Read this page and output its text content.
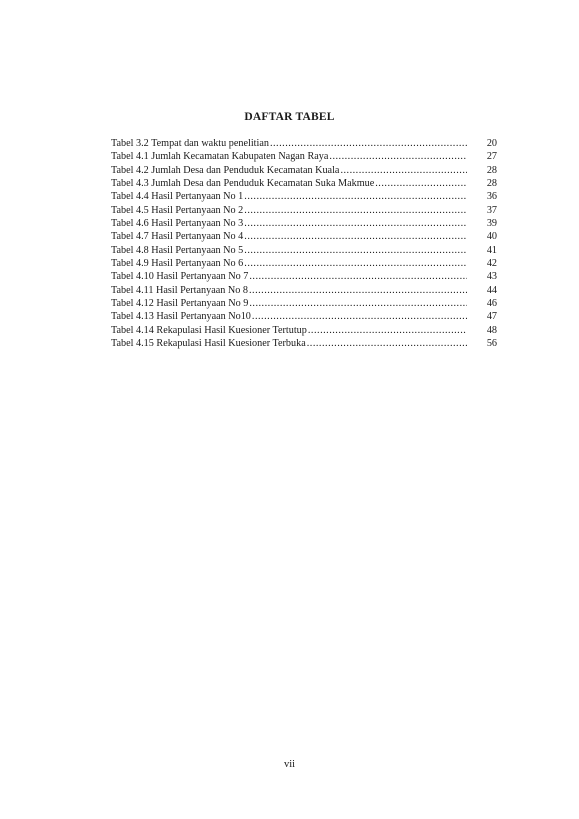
DAFTAR TABEL
Tabel 3.2 Tempat dan waktu penelitian .....	20
Tabel 4.1 Jumlah Kecamatan Kabupaten Nagan Raya .....	27
Tabel 4.2 Jumlah Desa dan Penduduk Kecamatan Kuala .....	28
Tabel 4.3 Jumlah Desa dan Penduduk Kecamatan Suka Makmue .....	28
Tabel 4.4 Hasil Pertanyaan No 1 .....	36
Tabel 4.5 Hasil Pertanyaan No 2 .....	37
Tabel 4.6 Hasil Pertanyaan No 3 .....	39
Tabel 4.7 Hasil Pertanyaan No 4 .....	40
Tabel 4.8 Hasil Pertanyaan No 5 .....	41
Tabel 4.9 Hasil Pertanyaan No 6 .....	42
Tabel 4.10 Hasil Pertanyaan No 7 .....	43
Tabel 4.11 Hasil Pertanyaan No 8 .....	44
Tabel 4.12 Hasil Pertanyaan No 9 .....	46
Tabel 4.13 Hasil Pertanyaan No10 .....	47
Tabel 4.14 Rekapulasi Hasil Kuesioner Tertutup .....	48
Tabel 4.15 Rekapulasi Hasil Kuesioner Terbuka .....	56
vii
